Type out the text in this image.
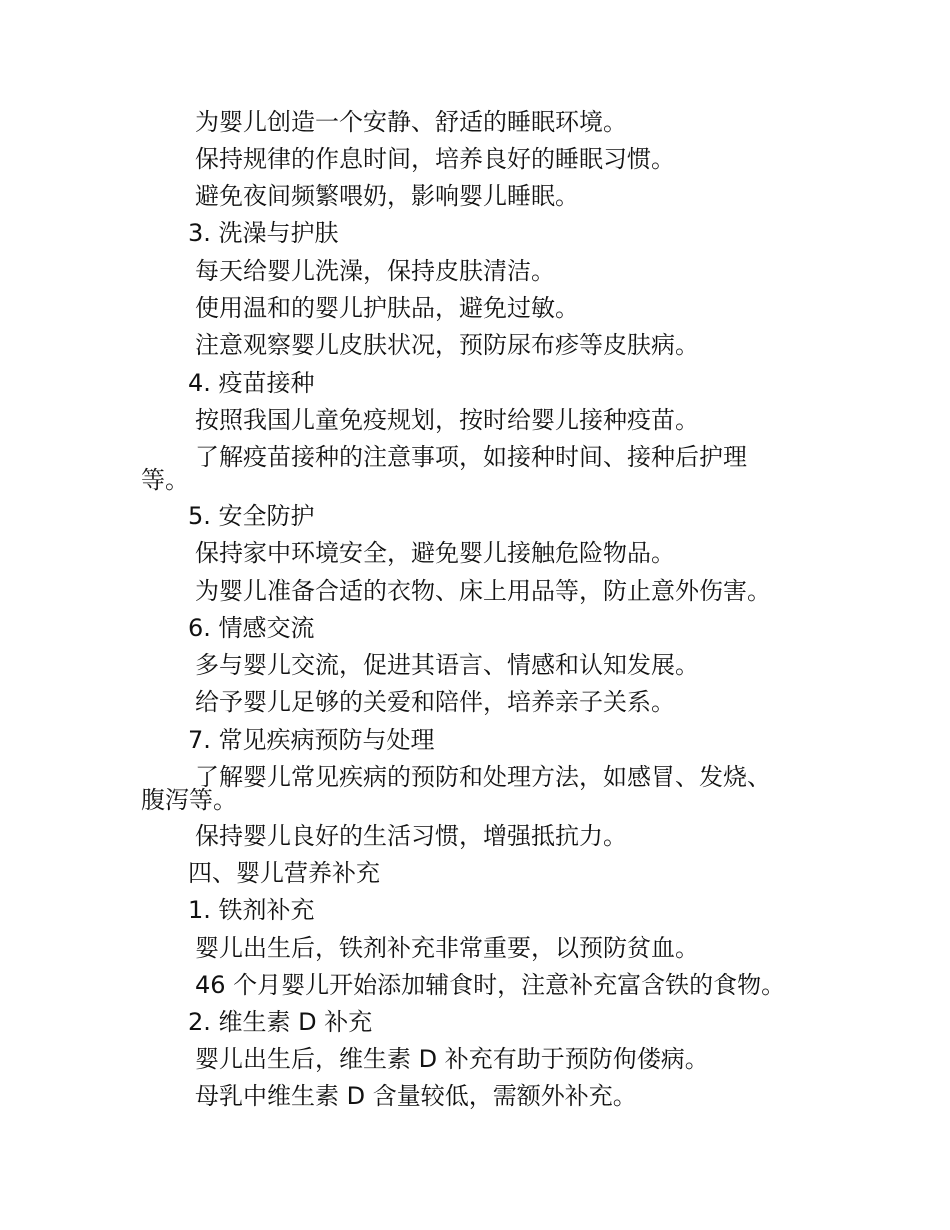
为婴儿创造一个安静、舒适的睡眠环境。
保持规律的作息时间，培养良好的睡眠习惯。
避免夜间频繁喂奶，影响婴儿睡眠。
3. 洗澡与护肤
每天给婴儿洗澡，保持皮肤清洁。
使用温和的婴儿护肤品，避免过敏。
注意观察婴儿皮肤状况，预防尿布疹等皮肤病。
4. 疫苗接种
按照我国儿童免疫规划，按时给婴儿接种疫苗。
了解疫苗接种的注意事项，如接种时间、接种后护理
等。
5. 安全防护
保持家中环境安全，避免婴儿接触危险物品。
为婴儿准备合适的衣物、床上用品等，防止意外伤害。
6. 情感交流
多与婴儿交流，促进其语言、情感和认知发展。
给予婴儿足够的关爱和陪伴，培养亲子关系。
7. 常见疾病预防与处理
了解婴儿常见疾病的预防和处理方法，如感冒、发烧、
腹泻等。
保持婴儿良好的生活习惯，增强抵抗力。
四、婴儿营养补充
1. 铁剂补充
婴儿出生后，铁剂补充非常重要，以预防贫血。
46 个月婴儿开始添加辅食时，注意补充富含铁的食物。
2. 维生素 D 补充
婴儿出生后，维生素 D 补充有助于预防佝偻病。
母乳中维生素 D 含量较低，需额外补充。
